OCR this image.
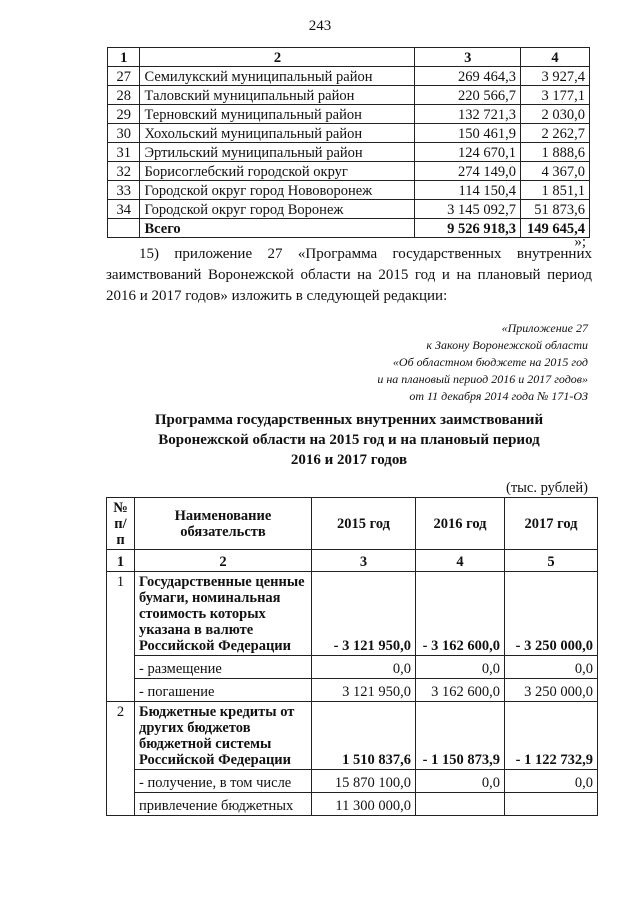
243
1	2	3	4
27	Семилукский муниципальный район	269 464,3	3 927,4
28	Таловский муниципальный район	220 566,7	3 177,1
29	Терновский муниципальный район	132 721,3	2 030,0
30	Хохольский муниципальный район	150 461,9	2 262,7
31	Эртильский муниципальный район	124 670,1	1 888,6
32	Борисоглебский городской округ	274 149,0	4 367,0
33	Городской округ город Нововоронеж	114 150,4	1 851,1
34	Городской округ город Воронеж	3 145 092,7	51 873,6
	Всего	9 526 918,3	149 645,4
»;

15) приложение 27 «Программа государственных внутренних заимствований Воронежской области на 2015 год и на плановый период 2016 и 2017 годов» изложить в следующей редакции:

«Приложение 27
к Закону Воронежской области
«Об областном бюджете на 2015 год
и на плановый период 2016 и 2017 годов»
от 11 декабря 2014 года № 171-ОЗ
Программа государственных внутренних заимствований
Воронежской области на 2015 год и на плановый период
2016 и 2017 годов
(тыс. рублей)
№ п/п	Наименование обязательств	2015 год	2016 год	2017 год
1	2	3	4	5
1	Государственные ценные бумаги, номинальная стоимость которых указана в валюте Российской Федерации	- 3 121 950,0	- 3 162 600,0	- 3 250 000,0
	- размещение	0,0	0,0	0,0
	- погашение	3 121 950,0	3 162 600,0	3 250 000,0
2	Бюджетные кредиты от других бюджетов бюджетной системы Российской Федерации	1 510 837,6	- 1 150 873,9	- 1 122 732,9
	- получение, в том числе	15 870 100,0	0,0	0,0
	привлечение бюджетных	11 300 000,0		
